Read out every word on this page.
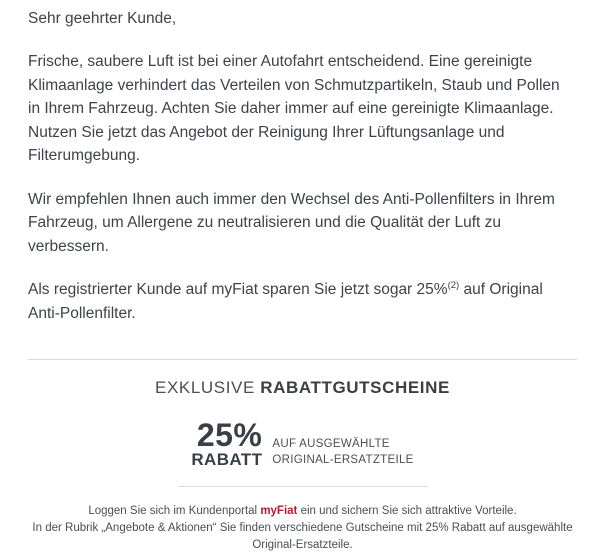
Sehr geehrter Kunde,

Frische, saubere Luft ist bei einer Autofahrt entscheidend. Eine gereinigte Klimaanlage verhindert das Verteilen von Schmutzpartikeln, Staub und Pollen in Ihrem Fahrzeug. Achten Sie daher immer auf eine gereinigte Klimaanlage. Nutzen Sie jetzt das Angebot der Reinigung Ihrer Lüftungsanlage und Filterumgebung.

Wir empfehlen Ihnen auch immer den Wechsel des Anti-Pollenfilters in Ihrem Fahrzeug, um Allergene zu neutralisieren und die Qualität der Luft zu verbessern.

Als registrierter Kunde auf myFiat sparen Sie jetzt sogar 25%$^{(2)}$ auf Original Anti-Pollenfilter.

EXKLUSIVE RABATTGUTSCHEINE
25%
RABATT
AUF AUSGEWÄHLTE
ORIGINAL-ERSATZTEILE
Loggen Sie sich im Kundenportal myFiat ein und sichern Sie sich attraktive Vorteile.
In der Rubrik „Angebote & Aktionen“ Sie finden verschiedene Gutscheine mit 25% Rabatt auf ausgewählte
Original-Ersatzteile.
